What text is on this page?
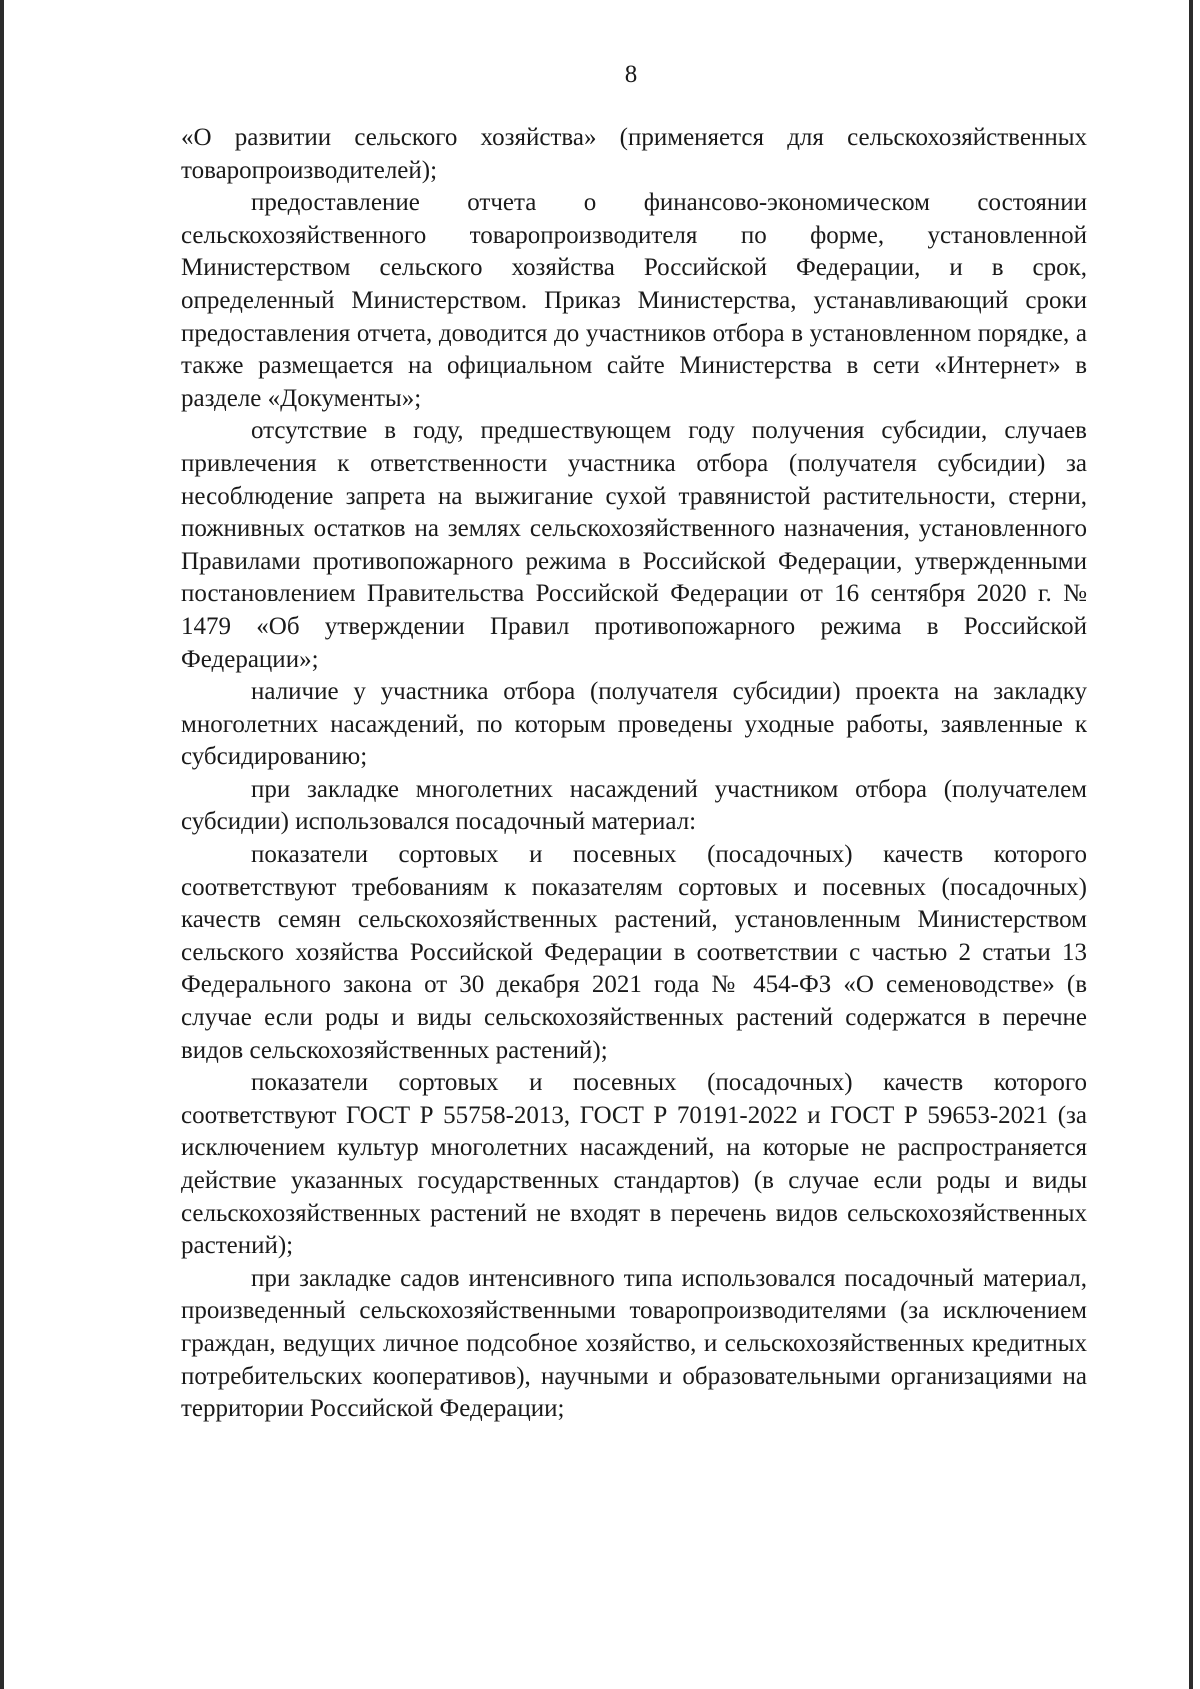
8

«О развитии сельского хозяйства» (применяется для сельскохозяйственных товаропроизводителей);

предоставление отчета о финансово-экономическом состоянии сельскохозяйственного товаропроизводителя по форме, установленной Министерством сельского хозяйства Российской Федерации, и в срок, определенный Министерством. Приказ Министерства, устанавливающий сроки предоставления отчета, доводится до участников отбора в установленном порядке, а также размещается на официальном сайте Министерства в сети «Интернет» в разделе «Документы»;

отсутствие в году, предшествующем году получения субсидии, случаев привлечения к ответственности участника отбора (получателя субсидии) за несоблюдение запрета на выжигание сухой травянистой растительности, стерни, пожнивных остатков на землях сельскохозяйственного назначения, установленного Правилами противопожарного режима в Российской Федерации, утвержденными постановлением Правительства Российской Федерации от 16 сентября 2020 г. № 1479 «Об утверждении Правил противопожарного режима в Российской Федерации»;

наличие у участника отбора (получателя субсидии) проекта на закладку многолетних насаждений, по которым проведены уходные работы, заявленные к субсидированию;

при закладке многолетних насаждений участником отбора (получателем субсидии) использовался посадочный материал:

показатели сортовых и посевных (посадочных) качеств которого соответствуют требованиям к показателям сортовых и посевных (посадочных) качеств семян сельскохозяйственных растений, установленным Министерством сельского хозяйства Российской Федерации в соответствии с частью 2 статьи 13 Федерального закона от 30 декабря 2021 года № 454-ФЗ «О семеноводстве» (в случае если роды и виды сельскохозяйственных растений содержатся в перечне видов сельскохозяйственных растений);

показатели сортовых и посевных (посадочных) качеств которого соответствуют ГОСТ Р 55758-2013, ГОСТ Р 70191-2022 и ГОСТ Р 59653-2021 (за исключением культур многолетних насаждений, на которые не распространяется действие указанных государственных стандартов) (в случае если роды и виды сельскохозяйственных растений не входят в перечень видов сельскохозяйственных растений);

при закладке садов интенсивного типа использовался посадочный материал, произведенный сельскохозяйственными товаропроизводителями (за исключением граждан, ведущих личное подсобное хозяйство, и сельскохозяйственных кредитных потребительских кооперативов), научными и образовательными организациями на территории Российской Федерации;
